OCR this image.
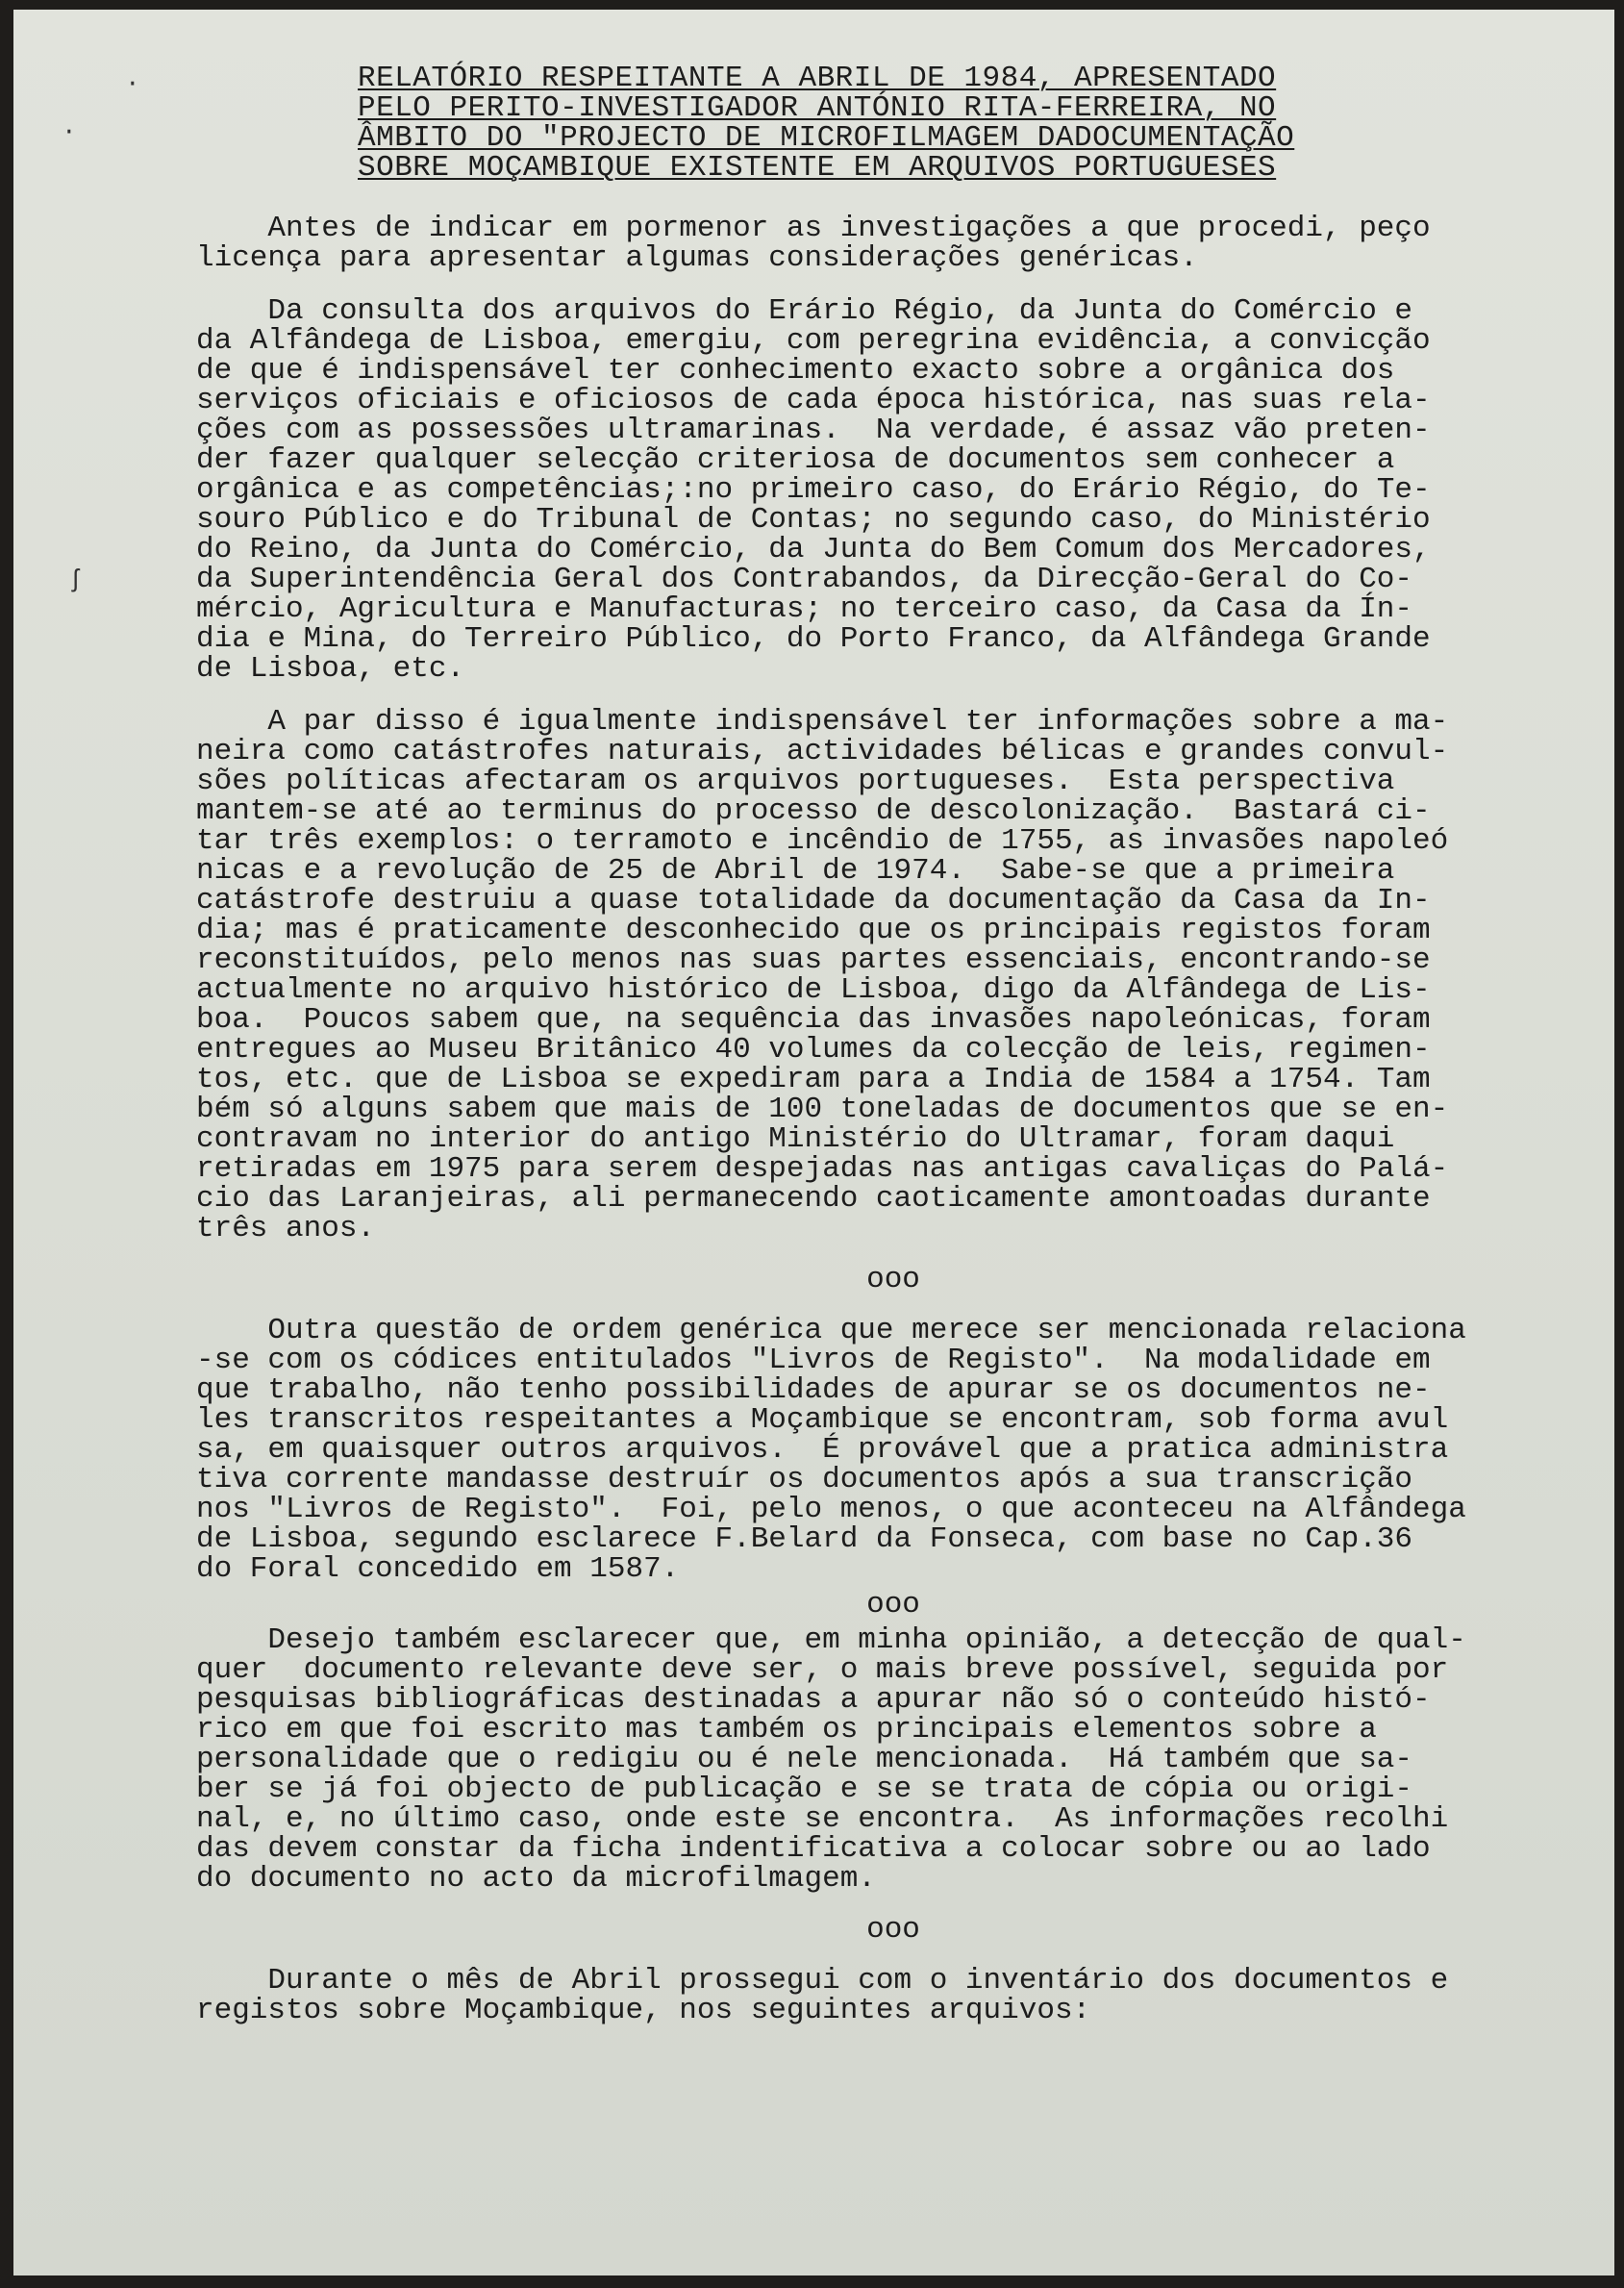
·
·
ʃ
RELATÓRIO RESPEITANTE A ABRIL DE 1984, APRESENTADO
PELO PERITO-INVESTIGADOR ANTÓNIO RITA-FERREIRA, NO
ÂMBITO DO "PROJECTO DE MICROFILMAGEM DADOCUMENTAÇÃO
SOBRE MOÇAMBIQUE EXISTENTE EM ARQUIVOS PORTUGUESES
Antes de indicar em pormenor as investigações a que procedi, peço
licença para apresentar algumas considerações genéricas.
Da consulta dos arquivos do Erário Régio, da Junta do Comércio e
da Alfândega de Lisboa, emergiu, com peregrina evidência, a convicção
de que é indispensável ter conhecimento exacto sobre a orgânica dos
serviços oficiais e oficiosos de cada época histórica, nas suas rela-
ções com as possessões ultramarinas.  Na verdade, é assaz vão preten-
der fazer qualquer selecção criteriosa de documentos sem conhecer a
orgânica e as competências;:no primeiro caso, do Erário Régio, do Te-
souro Público e do Tribunal de Contas; no segundo caso, do Ministério
do Reino, da Junta do Comércio, da Junta do Bem Comum dos Mercadores,
da Superintendência Geral dos Contrabandos, da Direcção-Geral do Co-
mércio, Agricultura e Manufacturas; no terceiro caso, da Casa da Ín-
dia e Mina, do Terreiro Público, do Porto Franco, da Alfândega Grande
de Lisboa, etc.
A par disso é igualmente indispensável ter informações sobre a ma-
neira como catástrofes naturais, actividades bélicas e grandes convul-
sões políticas afectaram os arquivos portugueses.  Esta perspectiva
mantem-se até ao terminus do processo de descolonização.  Bastará ci-
tar três exemplos: o terramoto e incêndio de 1755, as invasões napoleó
nicas e a revolução de 25 de Abril de 1974.  Sabe-se que a primeira
catástrofe destruiu a quase totalidade da documentação da Casa da In-
dia; mas é praticamente desconhecido que os principais registos foram
reconstituídos, pelo menos nas suas partes essenciais, encontrando-se
actualmente no arquivo histórico de Lisboa, digo da Alfândega de Lis-
boa.  Poucos sabem que, na sequência das invasões napoleónicas, foram
entregues ao Museu Britânico 40 volumes da colecção de leis, regimen-
tos, etc. que de Lisboa se expediram para a India de 1584 a 1754. Tam
bém só alguns sabem que mais de 100 toneladas de documentos que se en-
contravam no interior do antigo Ministério do Ultramar, foram daqui
retiradas em 1975 para serem despejadas nas antigas cavaliças do Palá-
cio das Laranjeiras, ali permanecendo caoticamente amontoadas durante
três anos.
ooo
Outra questão de ordem genérica que merece ser mencionada relaciona
-se com os códices entitulados "Livros de Registo".  Na modalidade em
que trabalho, não tenho possibilidades de apurar se os documentos ne-
les transcritos respeitantes a Moçambique se encontram, sob forma avul
sa, em quaisquer outros arquivos.  É provável que a pratica administra
tiva corrente mandasse destruír os documentos após a sua transcrição
nos "Livros de Registo".  Foi, pelo menos, o que aconteceu na Alfândega
de Lisboa, segundo esclarece F.Belard da Fonseca, com base no Cap.36
do Foral concedido em 1587.
ooo
Desejo também esclarecer que, em minha opinião, a detecção de qual-
quer  documento relevante deve ser, o mais breve possível, seguida por
pesquisas bibliográficas destinadas a apurar não só o conteúdo histó-
rico em que foi escrito mas também os principais elementos sobre a
personalidade que o redigiu ou é nele mencionada.  Há também que sa-
ber se já foi objecto de publicação e se se trata de cópia ou origi-
nal, e, no último caso, onde este se encontra.  As informações recolhi
das devem constar da ficha indentificativa a colocar sobre ou ao lado
do documento no acto da microfilmagem.
ooo
Durante o mês de Abril prossegui com o inventário dos documentos e
registos sobre Moçambique, nos seguintes arquivos:
